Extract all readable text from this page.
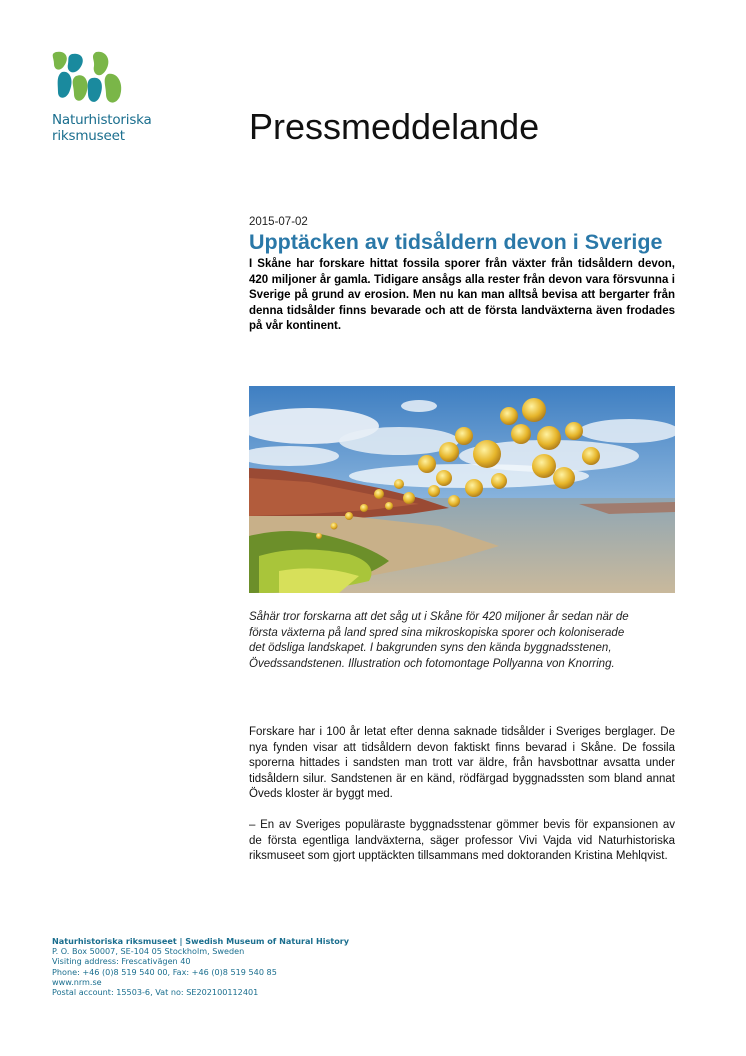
Naturhistoriska
riksmuseet	Pressmeddelande
2015-07-02
Upptäcken av tidsåldern devon i Sverige

I Skåne har forskare hittat fossila sporer från växter från tidsåldern devon, 420 miljoner år gamla. Tidigare ansågs alla rester från devon vara försvunna i Sverige på grund av erosion. Men nu kan man alltså bevisa att bergarter från denna tidsålder finns bevarade och att de första landväxterna även frodades på vår kontinent.

Såhär tror forskarna att det såg ut i Skåne för 420 miljoner år sedan när de
första växterna på land spred sina mikroskopiska sporer och koloniserade
det ödsliga landskapet. I bakgrunden syns den kända byggnadsstenen,
Övedssandstenen. Illustration och fotomontage Pollyanna von Knorring.

Forskare har i 100 år letat efter denna saknade tidsålder i Sveriges berglager. De nya fynden visar att tidsåldern devon faktiskt finns bevarad i Skåne. De fossila sporerna hittades i sandsten man trott var äldre, från havsbottnar avsatta under tidsåldern silur. Sandstenen är en känd, rödfärgad byggnadssten som bland annat Öveds kloster är byggt med.

– En av Sveriges populäraste byggnadsstenar gömmer bevis för expansionen av de första egentliga landväxterna, säger professor Vivi Vajda vid Naturhistoriska riksmuseet som gjort upptäckten tillsammans med doktoranden Kristina Mehlqvist.

Naturhistoriska riksmuseet | Swedish Museum of Natural History
P. O. Box 50007, SE-104 05 Stockholm, Sweden
Visiting address: Frescativägen 40
Phone: +46 (0)8 519 540 00, Fax: +46 (0)8 519 540 85
www.nrm.se
Postal account: 15503-6, Vat no: SE202100112401
